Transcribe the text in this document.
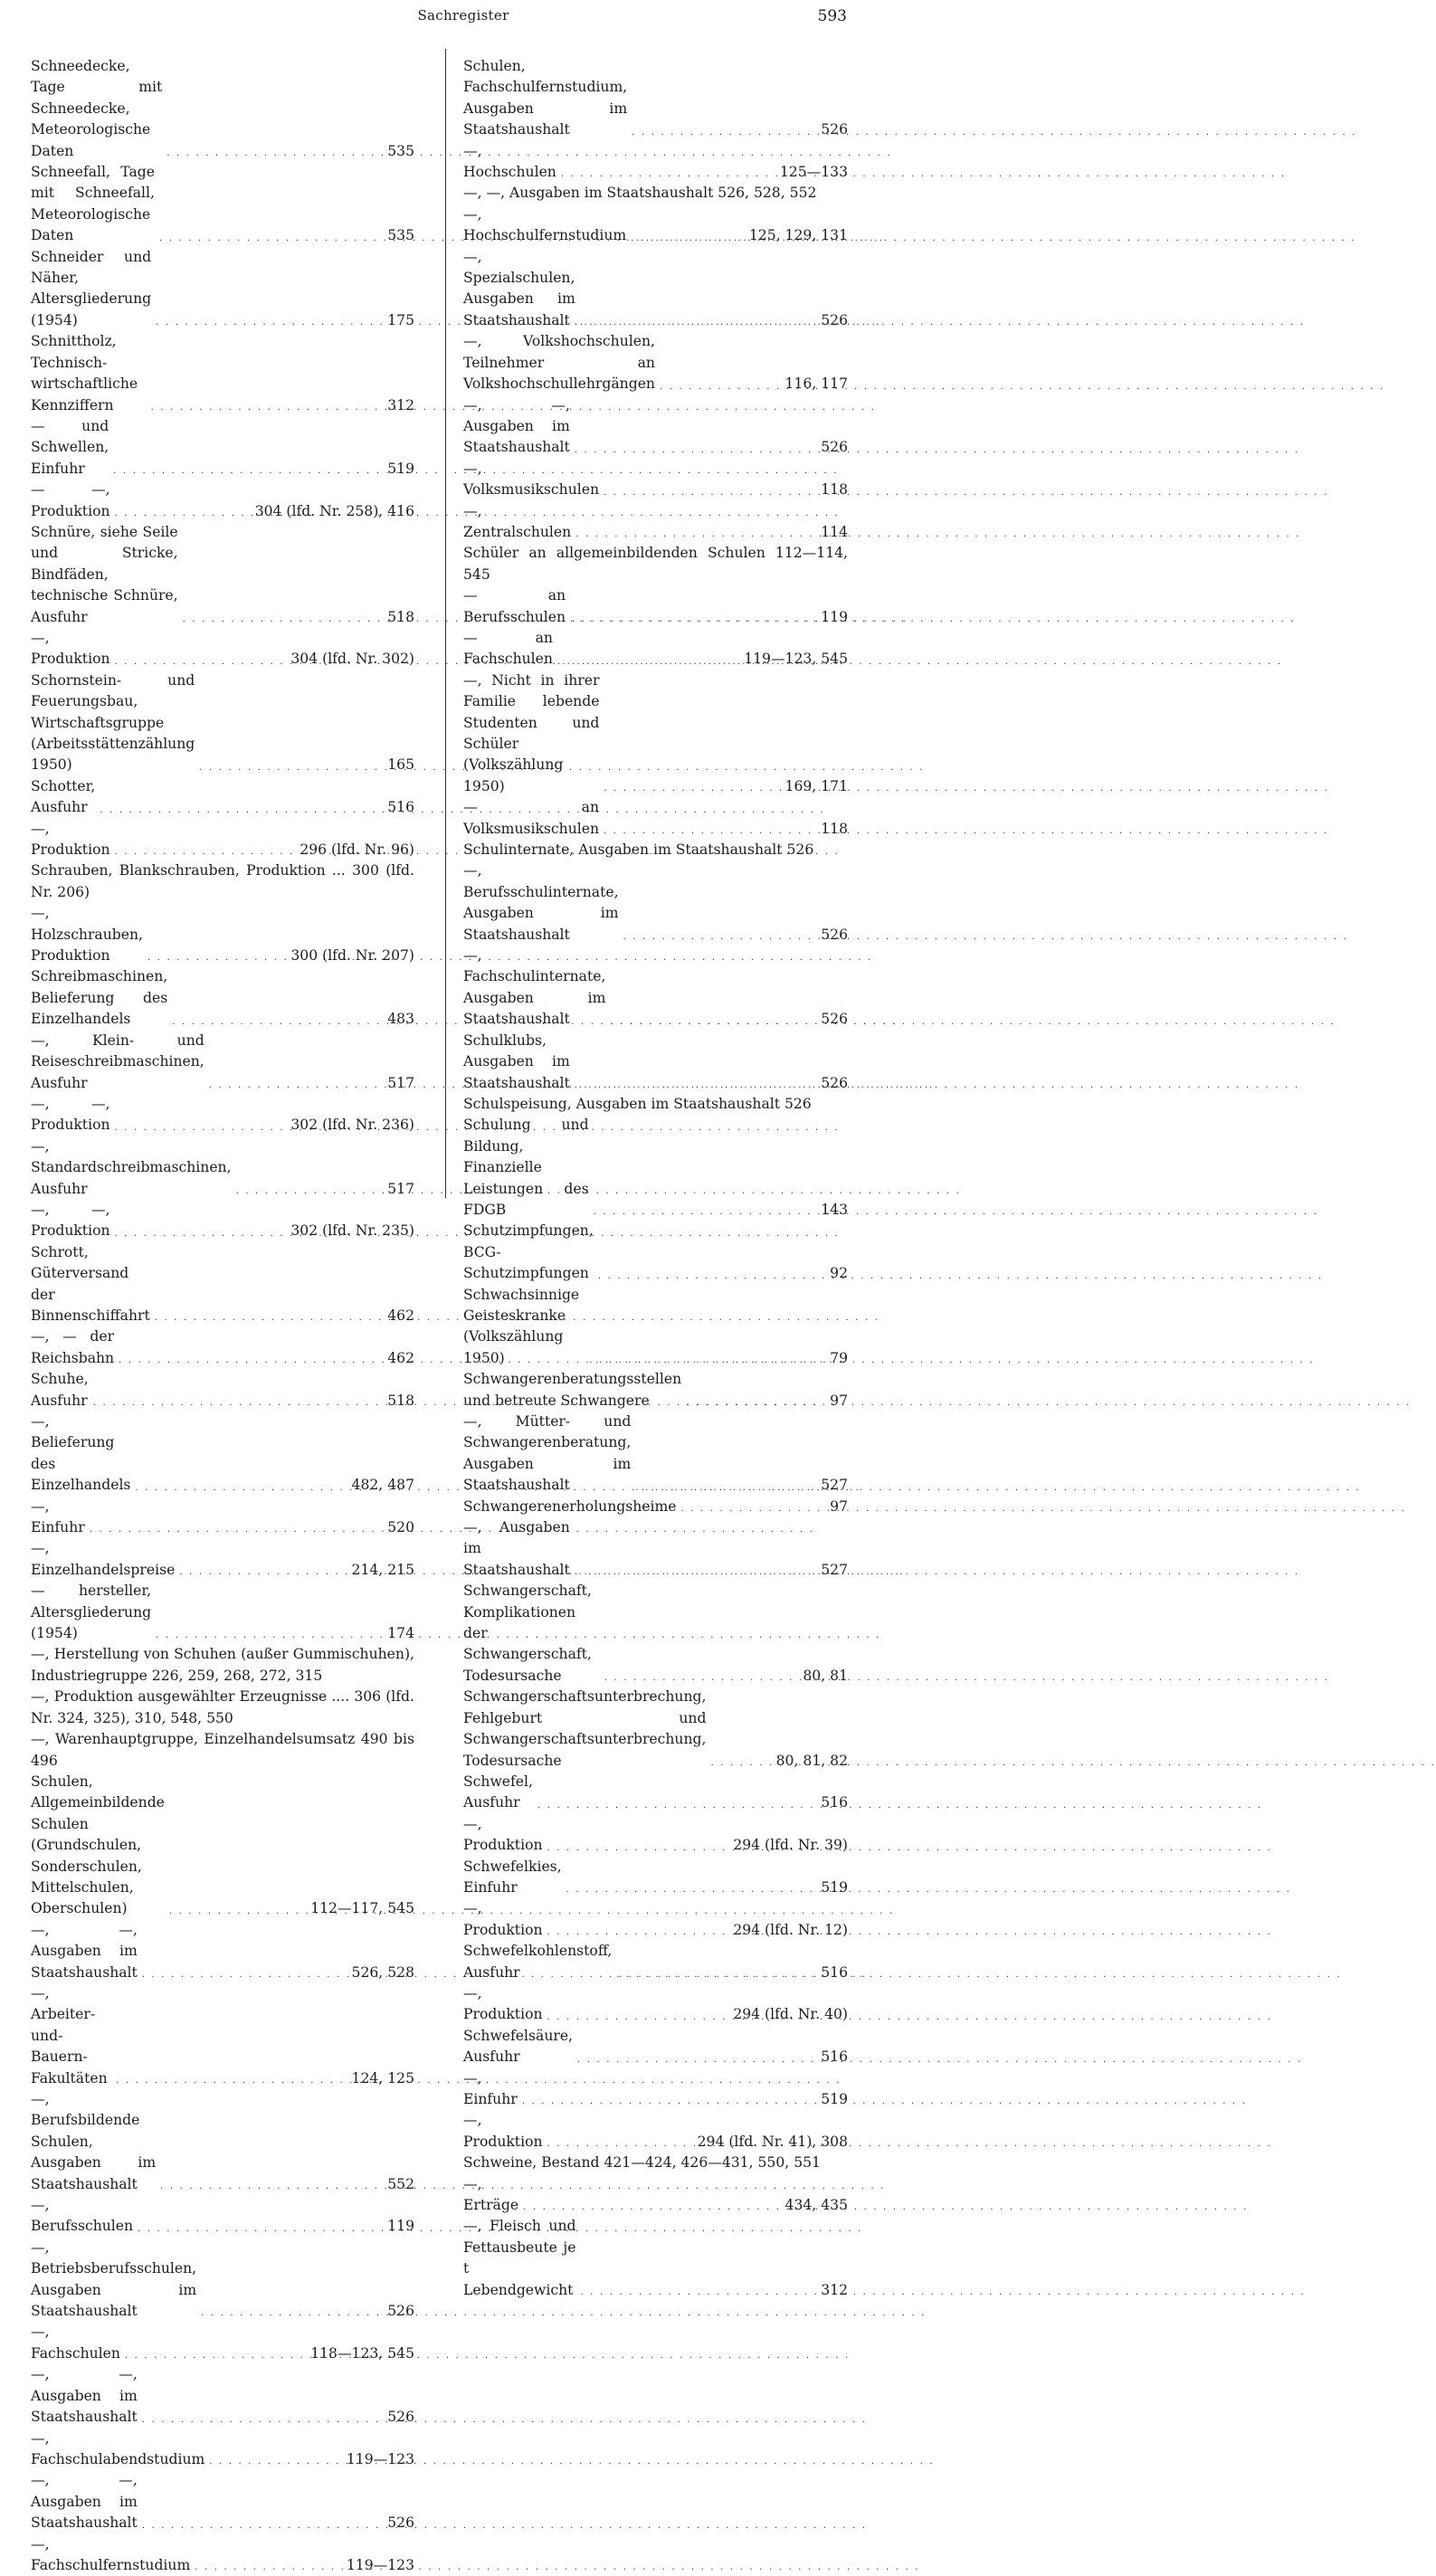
Sachregister	593
Schneedecke, Tage mit Schneedecke, Meteorologische Daten . . .	535
Schneefall, Tage mit Schneefall, Meteorologische Daten . . .	535
Schneider und Näher, Altersgliederung (1954) . . .	175
Schnittholz, Technisch-wirtschaftliche Kennziffern . . .	312
— und Schwellen, Einfuhr . . .	519
— —, Produktion . . .	304 (lfd. Nr. 258), 416
Schnüre, siehe Seile und Stricke, Bindfäden, technische Schnüre, Ausfuhr . . .	518
—, Produktion . . .	304 (lfd. Nr. 302)
Schornstein- und Feuerungsbau, Wirtschaftsgruppe (Arbeitsstättenzählung 1950) . . .	165
Schotter, Ausfuhr . . .	516
—, Produktion . . .	296 (lfd. Nr. 96)
Schrauben, Blankschrauben, Produktion ... 300 (lfd. Nr. 206)
—, Holzschrauben, Produktion . . .	300 (lfd. Nr. 207)
Schreibmaschinen, Belieferung des Einzelhandels . . .	483
—, Klein- und Reiseschreibmaschinen, Ausfuhr . . .	517
—, —, Produktion . . .	302 (lfd. Nr. 236)
—, Standardschreibmaschinen, Ausfuhr . . .	517
—, —, Produktion . . .	302 (lfd. Nr. 235)
Schrott, Güterversand der Binnenschiffahrt . . .	462
—, — der Reichsbahn . . .	462
Schuhe, Ausfuhr . . .	518
—, Belieferung des Einzelhandels . . .	482, 487
—, Einfuhr . . .	520
—, Einzelhandelspreise . . .	214, 215
— hersteller, Altersgliederung (1954) . . .	174
—, Herstellung von Schuhen (außer Gummischuhen), Industriegruppe 226, 259, 268, 272, 315
—, Produktion ausgewählter Erzeugnisse .... 306 (lfd. Nr. 324, 325), 310, 548, 550
—, Warenhauptgruppe, Einzelhandelsumsatz 490 bis 496
Schulen, Allgemeinbildende Schulen (Grundschulen, Sonderschulen, Mittelschulen, Oberschulen) . . .	112—117, 545
—, —, Ausgaben im Staatshaushalt . . .	526, 528
—, Arbeiter-und-Bauern-Fakultäten . . .	124, 125
—, Berufsbildende Schulen, Ausgaben im Staatshaushalt . . .	552
—, Berufsschulen . . .	119
—, Betriebsberufsschulen, Ausgaben im Staatshaushalt . . .	526
—, Fachschulen . . .	118—123, 545
—, —, Ausgaben im Staatshaushalt . . .	526
—, Fachschulabendstudium . . .	119—123
—, —, Ausgaben im Staatshaushalt . . .	526
—, Fachschulfernstudium . . .	119—123
Schulen, Fachschulfernstudium, Ausgaben im Staatshaushalt . . .	526
—, Hochschulen . . .	125—133
—, —, Ausgaben im Staatshaushalt 526, 528, 552
—, Hochschulfernstudium . . .	125, 129, 131
—, Spezialschulen, Ausgaben im Staatshaushalt . . .	526
—, Volkshochschulen, Teilnehmer an Volkshochschullehrgängen . . .	116, 117
—, —, Ausgaben im Staatshaushalt . . .	526
—, Volksmusikschulen . . .	118
—, Zentralschulen . . .	114
Schüler an allgemeinbildenden Schulen 112—114, 545
— an Berufsschulen . . .	119
— an Fachschulen . . .	119—123, 545
—, Nicht in ihrer Familie lebende Studenten und Schüler (Volkszählung 1950) . . .	169, 171
— an Volksmusikschulen . . .	118
Schulinternate, Ausgaben im Staatshaushalt 526
—, Berufsschulinternate, Ausgaben im Staatshaushalt . . .	526
—, Fachschulinternate, Ausgaben im Staatshaushalt . . .	526
Schulklubs, Ausgaben im Staatshaushalt . . .	526
Schulspeisung, Ausgaben im Staatshaushalt 526
Schulung und Bildung, Finanzielle Leistungen des FDGB . . .	143
Schutzimpfungen, BCG-Schutzimpfungen . . .	92
Schwachsinnige Geisteskranke (Volkszählung 1950) . . .	79
Schwangerenberatungsstellen und betreute Schwangere . . .	97
—, Mütter- und Schwangerenberatung, Ausgaben im Staatshaushalt . . .	527
Schwangerenerholungsheime . . .	97
—, Ausgaben im Staatshaushalt . . .	527
Schwangerschaft, Komplikationen der Schwangerschaft, Todesursache . . .	80, 81
Schwangerschaftsunterbrechung, Fehlgeburt und Schwangerschaftsunterbrechung, Todesursache . . .	80, 81, 82
Schwefel, Ausfuhr . . .	516
—, Produktion . . .	294 (lfd. Nr. 39)
Schwefelkies, Einfuhr . . .	519
—, Produktion . . .	294 (lfd. Nr. 12)
Schwefelkohlenstoff, Ausfuhr . . .	516
—, Produktion . . .	294 (lfd. Nr. 40)
Schwefelsäure, Ausfuhr . . .	516
—, Einfuhr . . .	519
—, Produktion . . .	294 (lfd. Nr. 41), 308
Schweine, Bestand 421—424, 426—431, 550, 551
—, Erträge . . .	434, 435
—, Fleisch und Fettausbeute je t Lebendgewicht . . .	312
